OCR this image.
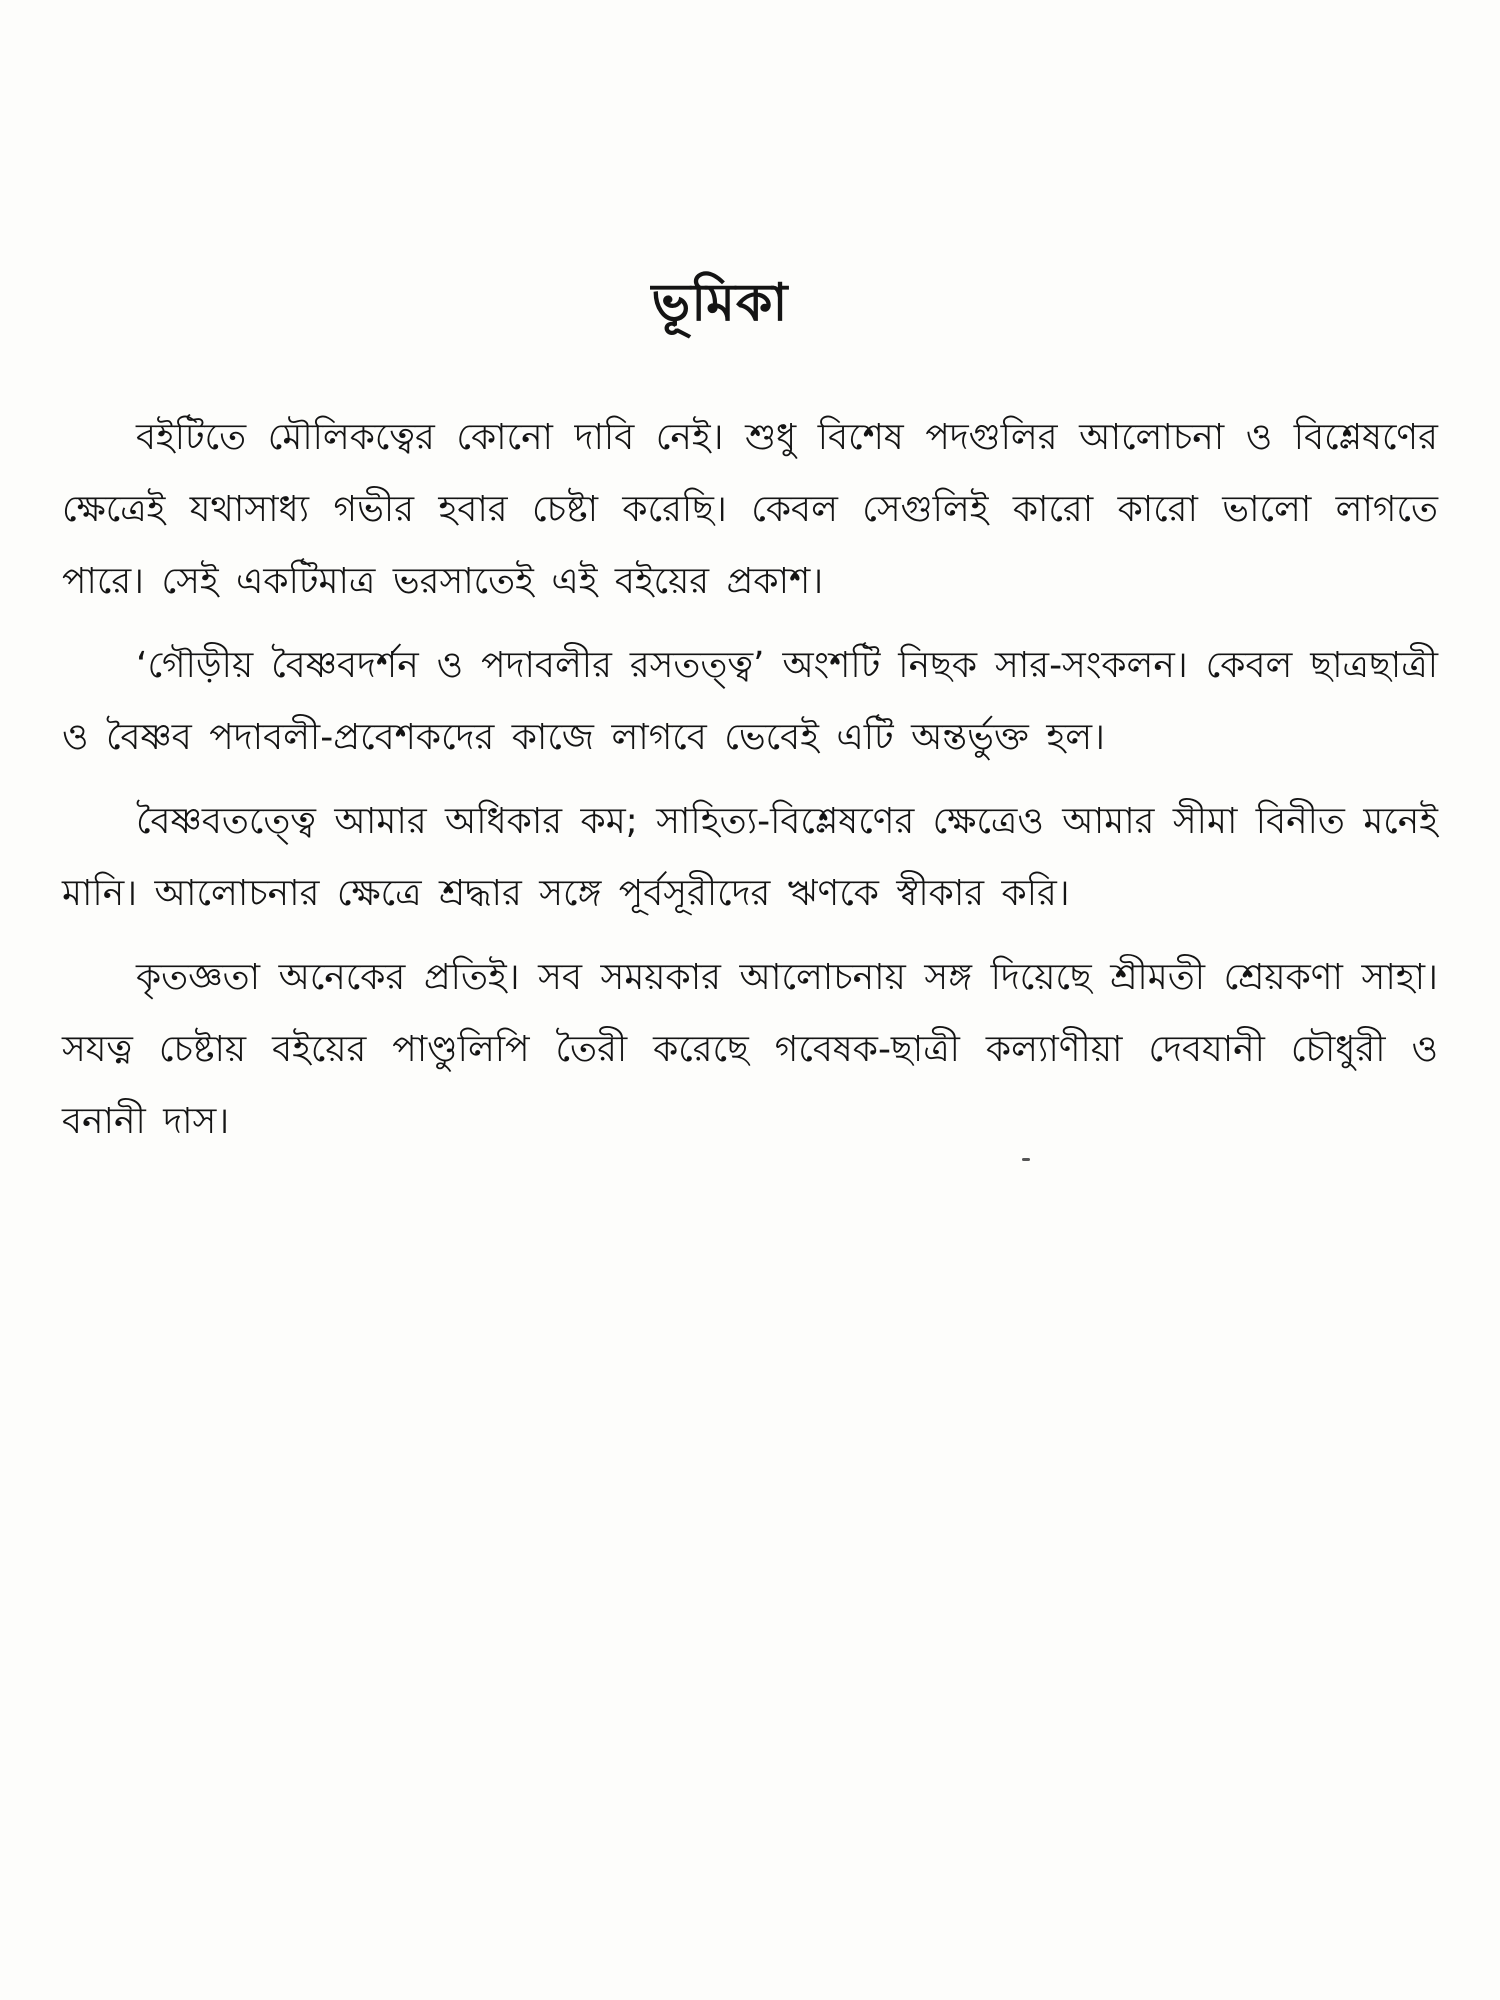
ভূমিকা

বইটিতে মৌলিকত্বের কোনো দাবি নেই। শুধু বিশেষ পদগুলির আলোচনা ও বিশ্লেষণের ক্ষেত্রেই যথাসাধ্য গভীর হবার চেষ্টা করেছি। কেবল সেগুলিই কারো কারো ভালো লাগতে পারে। সেই একটিমাত্র ভরসাতেই এই বইয়ের প্রকাশ।

‘গৌড়ীয় বৈষ্ণবদর্শন ও পদাবলীর রসতত্ত্ব’ অংশটি নিছক সার-সংকলন। কেবল ছাত্রছাত্রী ও বৈষ্ণব পদাবলী-প্রবেশকদের কাজে লাগবে ভেবেই এটি অন্তর্ভুক্ত হল।

বৈষ্ণবতত্ত্বে আমার অধিকার কম; সাহিত্য-বিশ্লেষণের ক্ষেত্রেও আমার সীমা বিনীত মনেই মানি। আলোচনার ক্ষেত্রে শ্রদ্ধার সঙ্গে পূর্বসূরীদের ঋণকে স্বীকার করি।

কৃতজ্ঞতা অনেকের প্রতিই। সব সময়কার আলোচনায় সঙ্গ দিয়েছে শ্রীমতী শ্রেয়কণা সাহা। সযত্ন চেষ্টায় বইয়ের পাণ্ডুলিপি তৈরী করেছে গবেষক-ছাত্রী কল্যাণীয়া দেবযানী চৌধুরী ও বনানী দাস।
